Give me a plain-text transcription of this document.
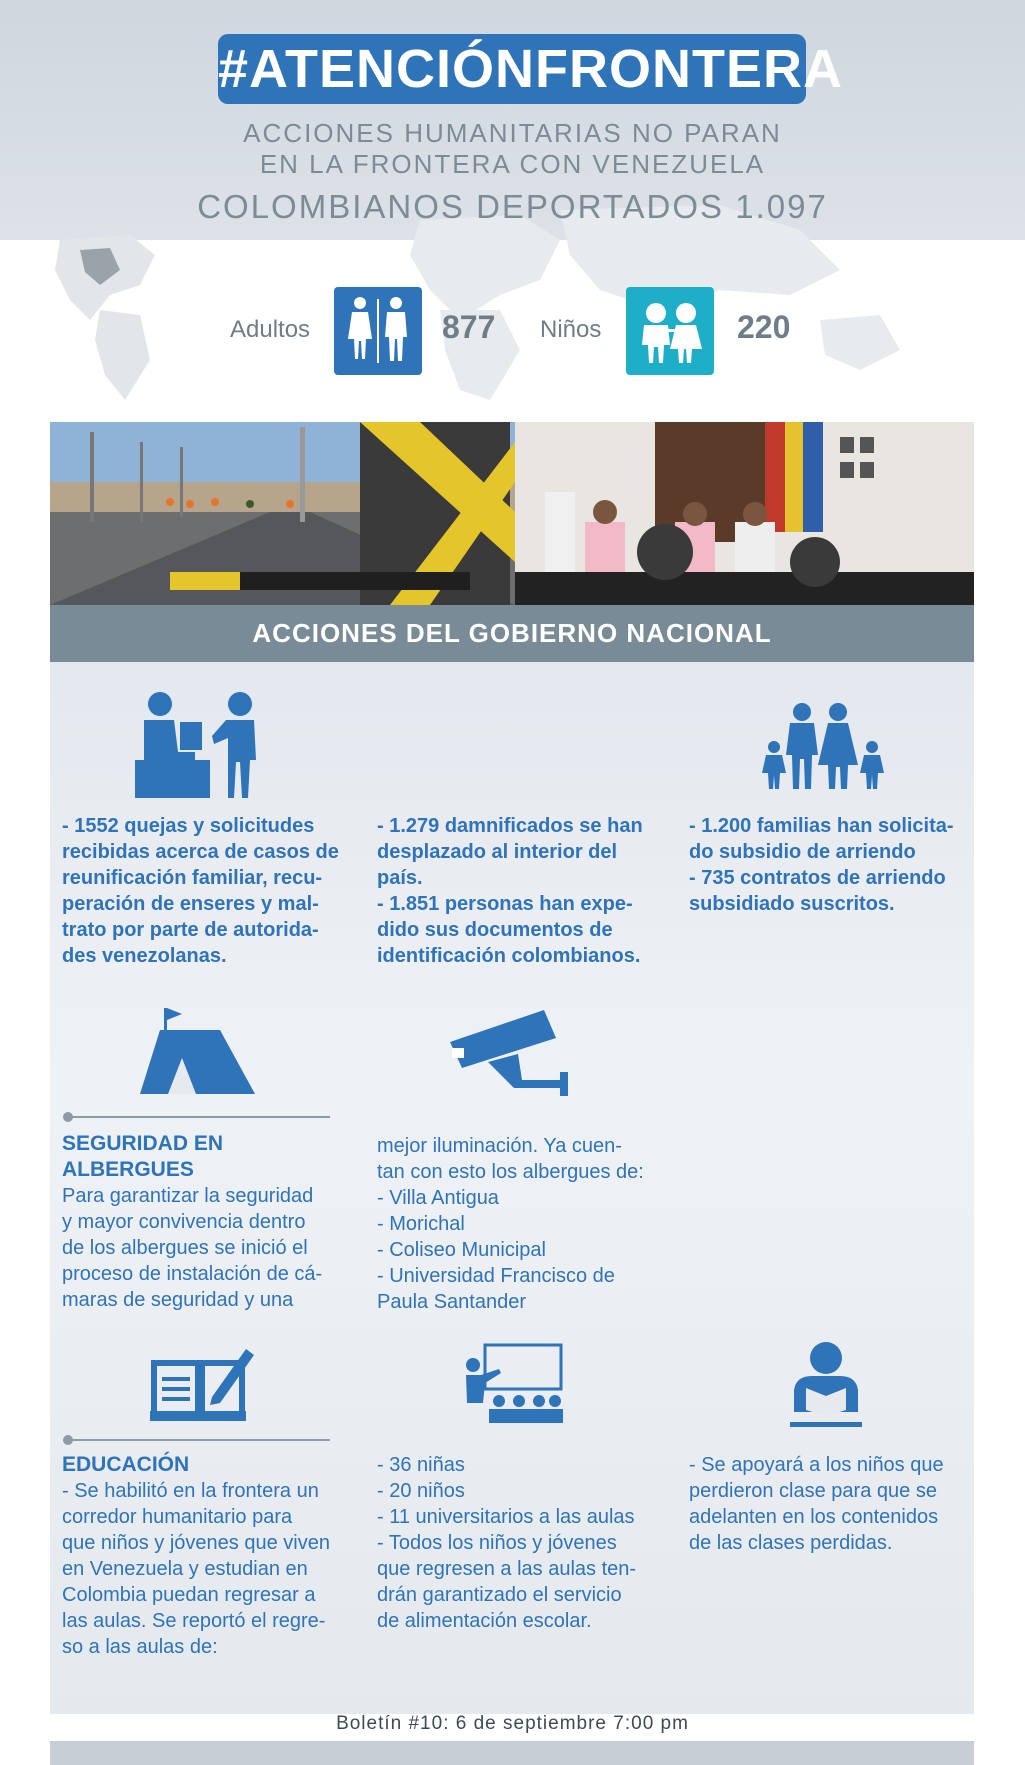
#ATENCIÓNFRONTERA
ACCIONES HUMANITARIAS NO PARAN
EN LA FRONTERA CON VENEZUELA
COLOMBIANOS DEPORTADOS 1.097
Adultos	877 Niños	220
ACCIONES DEL GOBIERNO NACIONAL
- 1552 quejas y solicitudes
recibidas acerca de casos de
reunificación familiar, recu-
peración de enseres y mal-
trato por parte de autorida-
des venezolanas.
- 1.279 damnificados se han
desplazado al interior del
país.
- 1.851 personas han expe-
dido sus documentos de
identificación colombianos.
- 1.200 familias han solicita-
do subsidio de arriendo
- 735 contratos de arriendo
subsidiado suscritos.
SEGURIDAD EN
ALBERGUES
Para garantizar la seguridad
y mayor convivencia dentro
de los albergues se inició el
proceso de instalación de cá-
maras de seguridad y una
mejor iluminación. Ya cuen-
tan con esto los albergues de:
- Villa Antigua
- Morichal
- Coliseo Municipal
- Universidad Francisco de
Paula Santander
EDUCACIÓN
- Se habilitó en la frontera un
corredor humanitario para
que niños y jóvenes que viven
en Venezuela y estudian en
Colombia puedan regresar a
las aulas. Se reportó el regre-
so a las aulas de:
- 36 niñas
- 20 niños
- 11 universitarios a las aulas
- Todos los niños y jóvenes
que regresen a las aulas ten-
drán garantizado el servicio
de alimentación escolar.
- Se apoyará a los niños que
perdieron clase para que se
adelanten en los contenidos
de las clases perdidas.
Boletín #10: 6 de septiembre 7:00 pm
